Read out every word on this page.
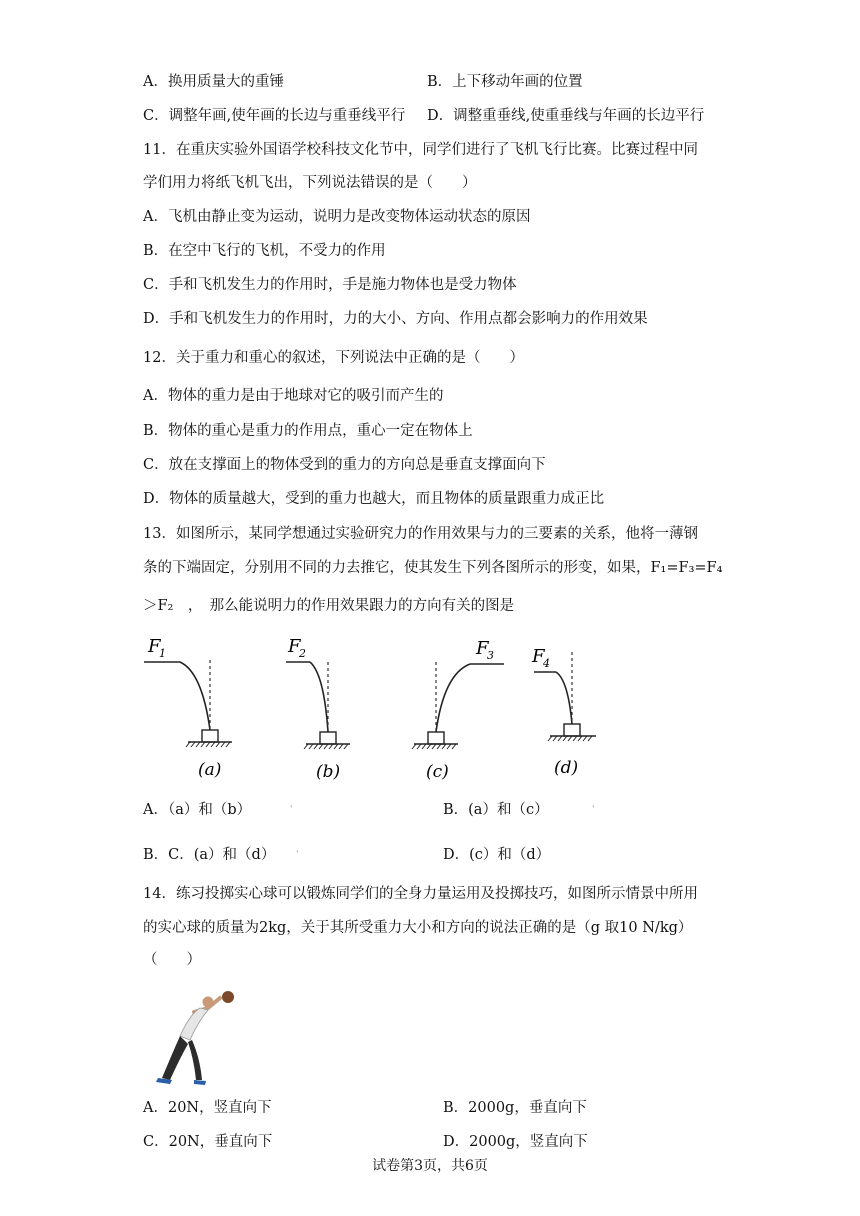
A．换用质量大的重锤	B．上下移动年画的位置
C．调整年画,使年画的长边与重垂线平行 D．调整重垂线,使重垂线与年画的长边平行
11．在重庆实验外国语学校科技文化节中，同学们进行了飞机飞行比赛。比赛过程中同
学们用力将纸飞机飞出，下列说法错误的是（　　）
A．飞机由静止变为运动，说明力是改变物体运动状态的原因
B．在空中飞行的飞机，不受力的作用
C．手和飞机发生力的作用时，手是施力物体也是受力物体
D．手和飞机发生力的作用时，力的大小、方向、作用点都会影响力的作用效果
12．关于重力和重心的叙述，下列说法中正确的是（　　）
A．物体的重力是由于地球对它的吸引而产生的
B．物体的重心是重力的作用点，重心一定在物体上
C．放在支撑面上的物体受到的重力的方向总是垂直支撑面向下
D．物体的质量越大，受到的重力也越大，而且物体的质量跟重力成正比
13．如图所示，某同学想通过实验研究力的作用效果与力的三要素的关系，他将一薄钢
条的下端固定，分别用不同的力去推它，使其发生下列各图所示的形变，如果，F₁=F₃=F₄
＞F₂　，　那么能说明力的作用效果跟力的方向有关的图是
F
1
(a)
F
2
(b)
F
3
(c)
F
4
(d)
A．（a）和（b）	'	B．(a）和（c）	'
B．C．(a）和（d） '	D．(c）和（d）
14．练习投掷实心球可以锻炼同学们的全身力量运用及投掷技巧，如图所示情景中所用
的实心球的质量为2kg，关于其所受重力大小和方向的说法正确的是（g 取10 N/kg）
（　　）
A．20N，竖直向下	B．2000g，垂直向下
C．20N，垂直向下	D．2000g，竖直向下
试卷第3页，共6页
